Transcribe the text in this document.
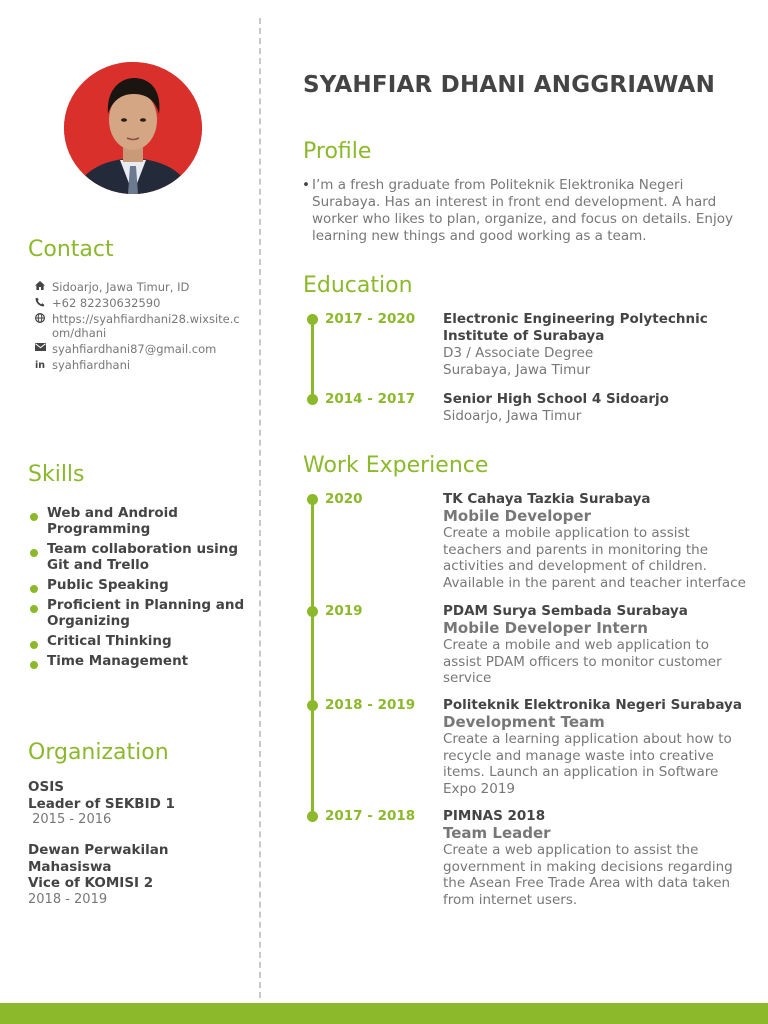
Contact
Sidoarjo, Jawa Timur, ID
+62 82230632590
https://syahfiardhani28.wixsite.com/dhani
syahfiardhani87@gmail.com
in syahfiardhani
Skills
Web and Android Programming
Team collaboration using Git and Trello
Public Speaking
Proficient in Planning and Organizing
Critical Thinking
Time Management
Organization
OSIS
Leader of SEKBID 1
2015 - 2016
Dewan Perwakilan Mahasiswa
Vice of KOMISI 2
2018 - 2019
SYAHFIAR DHANI ANGGRIAWAN
Profile
• I’m a fresh graduate from Politeknik Elektronika Negeri Surabaya. Has an interest in front end development. A hard worker who likes to plan, organize, and focus on details. Enjoy learning new things and good working as a team.
Education
2017 - 2020 Electronic Engineering Polytechnic Institute of Surabaya
D3 / Associate Degree
Surabaya, Jawa Timur
2014 - 2017 Senior High School 4 Sidoarjo
Sidoarjo, Jawa Timur
Work Experience
2020	TK Cahaya Tazkia Surabaya
Mobile Developer
Create a mobile application to assist teachers and parents in monitoring the activities and development of children. Available in the parent and teacher interface
2019	PDAM Surya Sembada Surabaya
Mobile Developer Intern
Create a mobile and web application to assist PDAM officers to monitor customer service
2018 - 2019 Politeknik Elektronika Negeri Surabaya
Development Team
Create a learning application about how to recycle and manage waste into creative items. Launch an application in Software Expo 2019
2017 - 2018 PIMNAS 2018
Team Leader
Create a web application to assist the government in making decisions regarding the Asean Free Trade Area with data taken from internet users.
